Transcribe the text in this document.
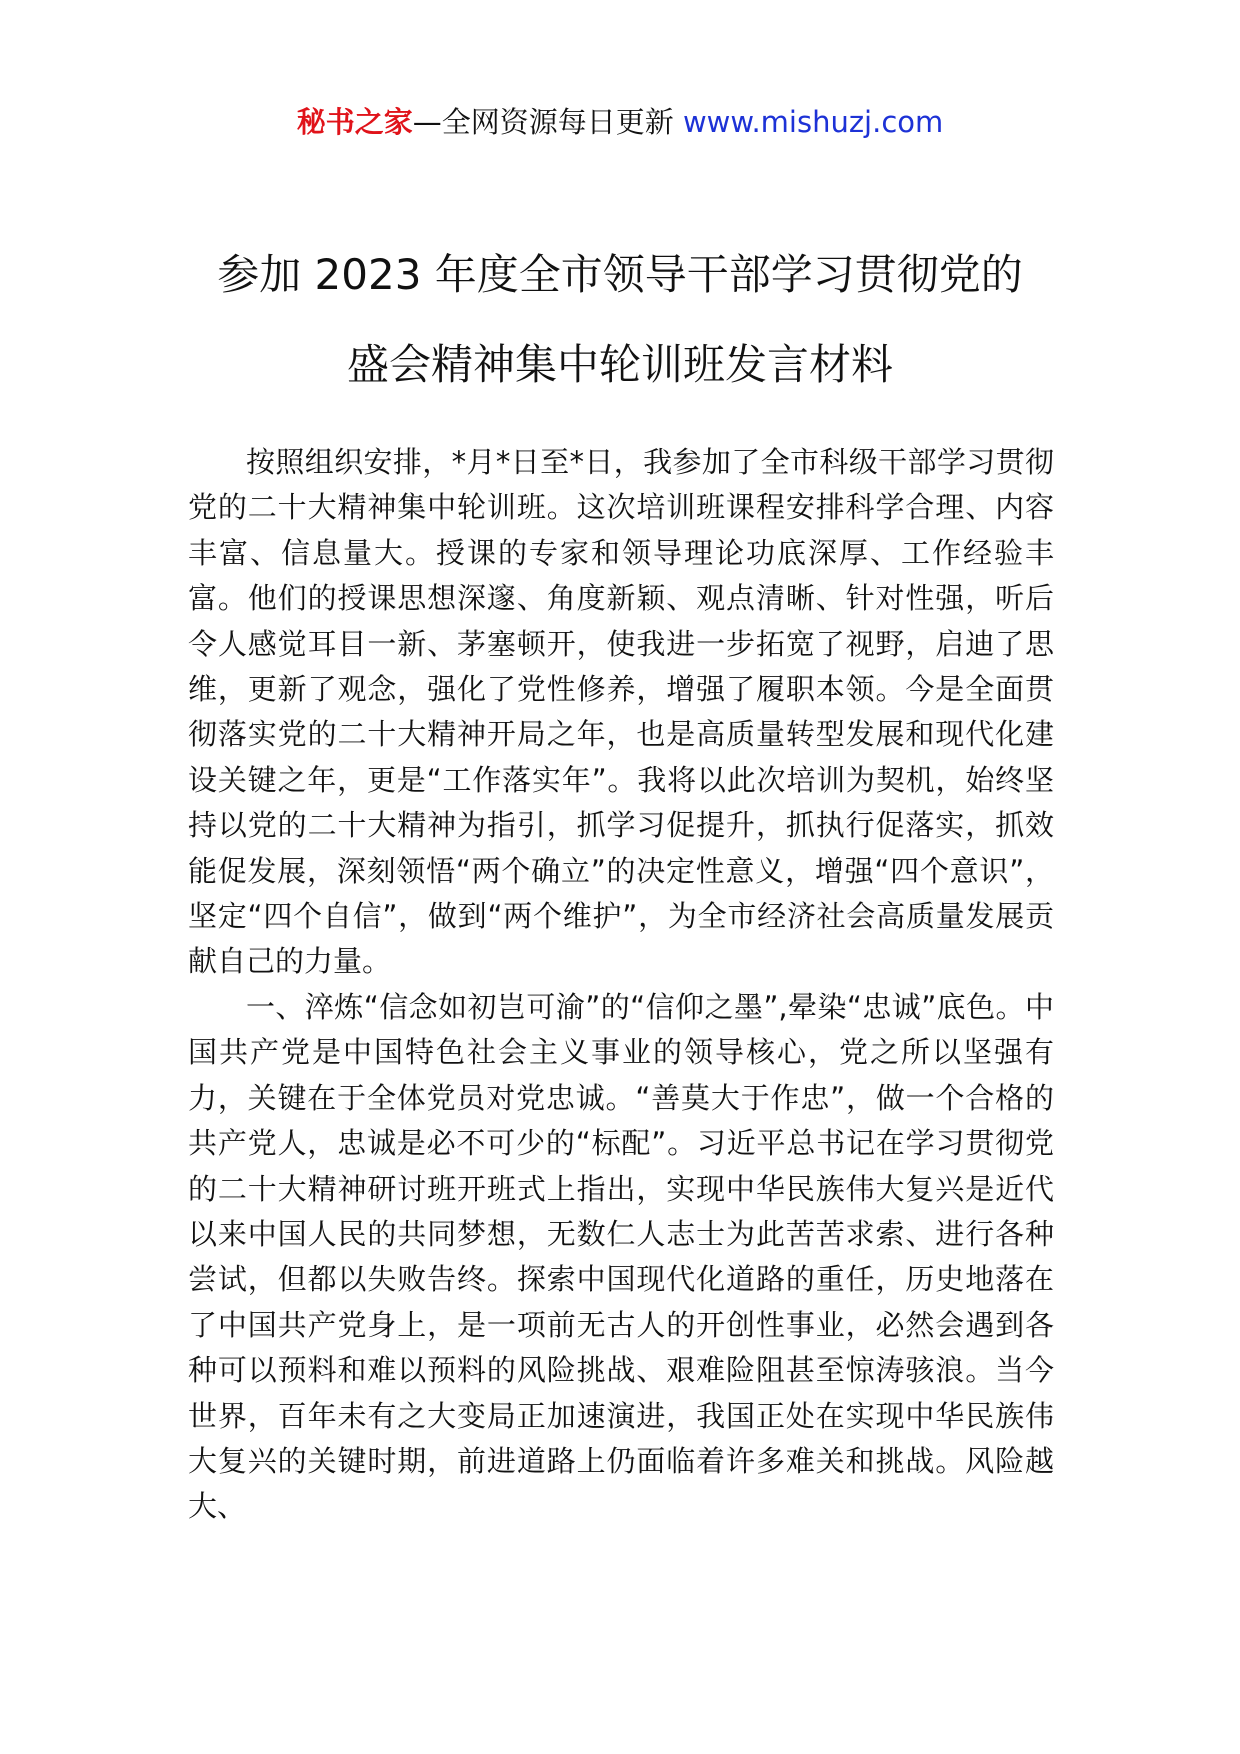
秘书之家—全网资源每日更新 www.mishuzj.com
参加 2023 年度全市领导干部学习贯彻党的
盛会精神集中轮训班发言材料

按照组织安排，*月*日至*日，我参加了全市科级干部学习贯彻党的二十大精神集中轮训班。这次培训班课程安排科学合理、内容丰富、信息量大。授课的专家和领导理论功底深厚、工作经验丰富。他们的授课思想深邃、角度新颖、观点清晰、针对性强，听后令人感觉耳目一新、茅塞顿开，使我进一步拓宽了视野，启迪了思维，更新了观念，强化了党性修养，增强了履职本领。今是全面贯彻落实党的二十大精神开局之年，也是高质量转型发展和现代化建设关键之年，更是“工作落实年”。我将以此次培训为契机，始终坚持以党的二十大精神为指引，抓学习促提升，抓执行促落实，抓效能促发展，深刻领悟“两个确立”的决定性意义，增强“四个意识”，坚定“四个自信”，做到“两个维护”，为全市经济社会高质量发展贡献自己的力量。

一、淬炼“信念如初岂可渝”的“信仰之墨”,晕染“忠诚”底色。中国共产党是中国特色社会主义事业的领导核心，党之所以坚强有力，关键在于全体党员对党忠诚。“善莫大于作忠”，做一个合格的共产党人，忠诚是必不可少的“标配”。习近平总书记在学习贯彻党的二十大精神研讨班开班式上指出，实现中华民族伟大复兴是近代以来中国人民的共同梦想，无数仁人志士为此苦苦求索、进行各种尝试，但都以失败告终。探索中国现代化道路的重任，历史地落在了中国共产党身上，是一项前无古人的开创性事业，必然会遇到各种可以预料和难以预料的风险挑战、艰难险阻甚至惊涛骇浪。当今世界，百年未有之大变局正加速演进，我国正处在实现中华民族伟大复兴的关键时期，前进道路上仍面临着许多难关和挑战。风险越大、
